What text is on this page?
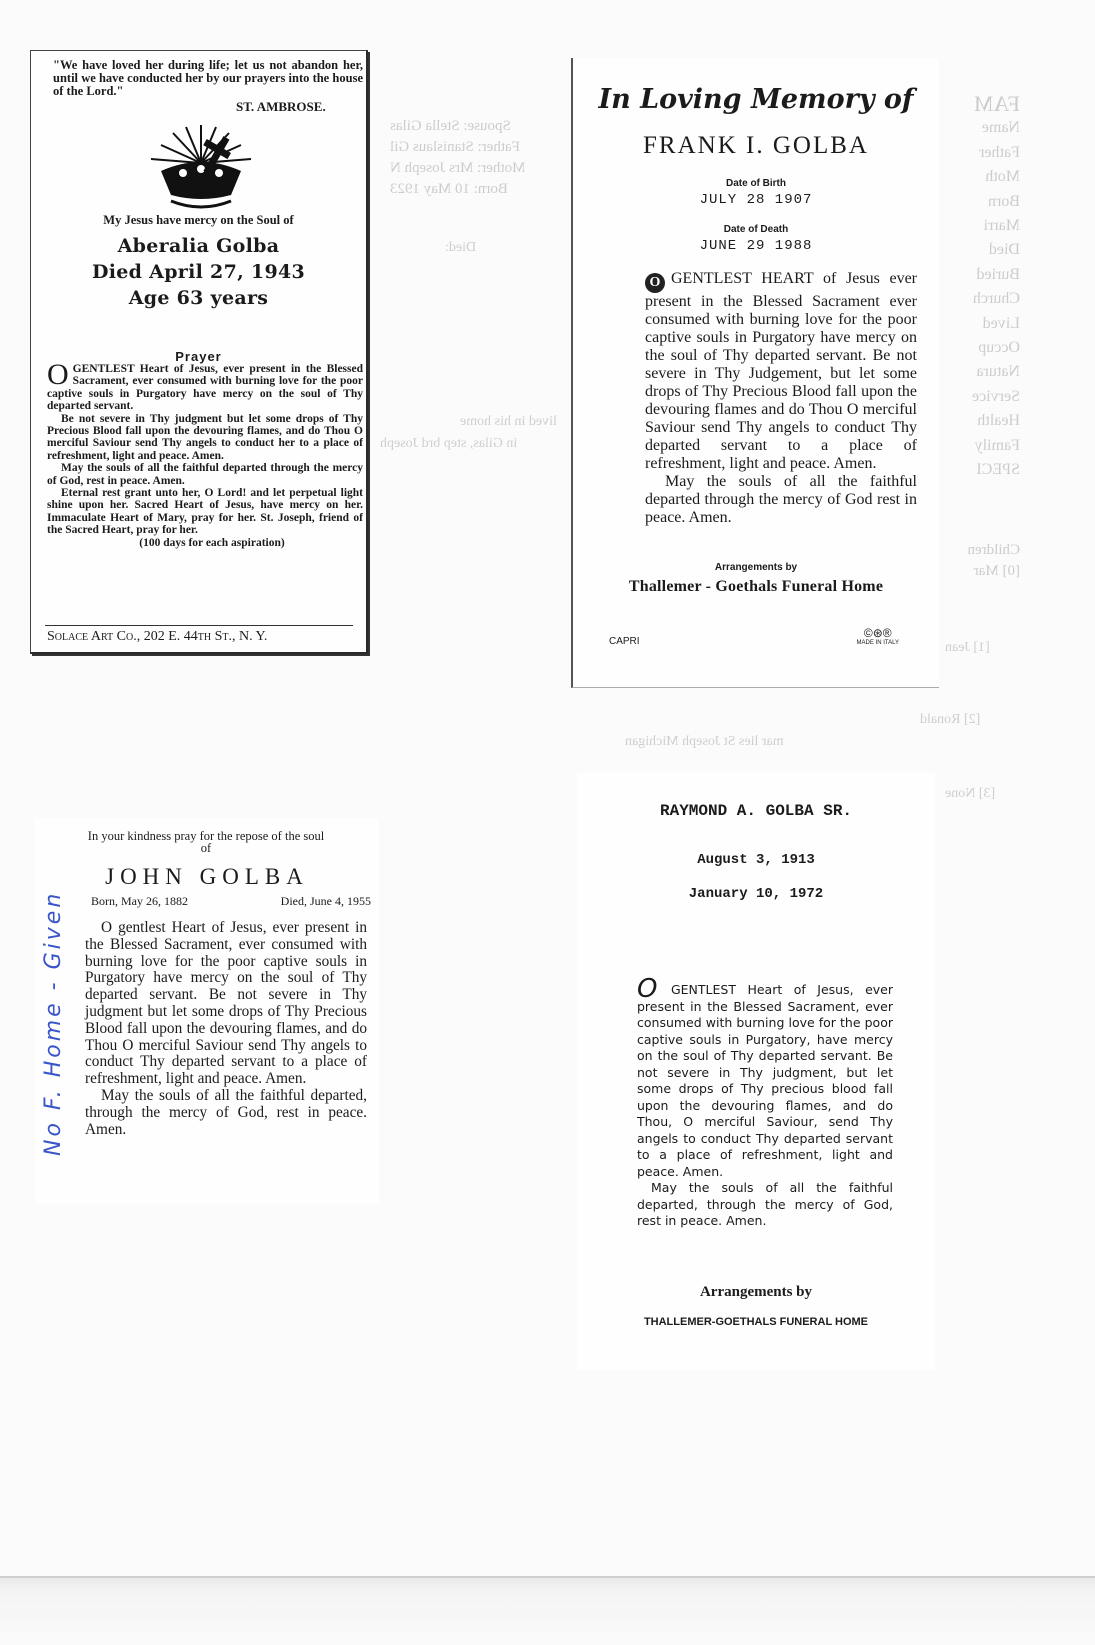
Spouse: Stella Gilas
Father: Stanislaus Gil
Mother: Mrs Joseph N
Born: 10 May 1923
Died:
lived in his home
in Gilas, step brd Joseph
FAM
Name
Father
Moth
Born
Marri
Died
Buried
Church
Lived
Occup
Natura
Service
Health
Family
SPECI
Children
[0] Mar
[1] Jean
[2] Ronald
mar lies St Joseph Michigan
[3] None
"We have loved her during life; let us not abandon her, until we have conducted her by our prayers into the house of the Lord."
ST. AMBROSE.
My Jesus have mercy on the Soul of
Aberalia Golba
Died April 27, 1943
Age 63 years
Prayer
O GENTLEST Heart of Jesus, ever present in the Blessed Sacrament, ever consumed with burning love for the poor captive souls in Purgatory have mercy on the soul of Thy departed servant.

Be not severe in Thy judgment but let some drops of Thy Precious Blood fall upon the devouring flames, and do Thou O merciful Saviour send Thy angels to conduct her to a place of refreshment, light and peace. Amen.

May the souls of all the faithful departed through the mercy of God, rest in peace. Amen.

Eternal rest grant unto her, O Lord! and let perpetual light shine upon her. Sacred Heart of Jesus, have mercy on her. Immaculate Heart of Mary, pray for her. St. Joseph, friend of the Sacred Heart, pray for her.

(100 days for each aspiration)

Solace Art Co., 202 E. 44th St., N. Y.
In Loving Memory of
FRANK I. GOLBA
Date of Birth
JULY 28 1907
Date of Death
JUNE 29 1988

O GENTLEST HEART of Jesus ever present in the Blessed Sacrament ever consumed with burning love for the poor captive souls in Purgatory have mercy on the soul of Thy departed servant. Be not severe in Thy Judgement, but let some drops of Thy Precious Blood fall upon the devouring flames and do Thou O merciful Saviour send Thy angels to conduct Thy departed servant to a place of refreshment, light and peace. Amen.

May the souls of all the faithful departed through the mercy of God rest in peace. Amen.

Arrangements by
Thallemer - Goethals Funeral Home
CAPRI
©⊛®
MADE IN ITALY
In your kindness pray for the repose of the soul of
JOHN GOLBA
Born, May 26, 1882	Died, June 4, 1955

O gentlest Heart of Jesus, ever present in the Blessed Sacrament, ever consumed with burning love for the poor captive souls in Purgatory have mercy on the soul of Thy departed servant. Be not severe in Thy judgment but let some drops of Thy Precious Blood fall upon the devouring flames, and do Thou O merciful Saviour send Thy angels to conduct Thy departed servant to a place of refreshment, light and peace. Amen.

May the souls of all the faithful departed, through the mercy of God, rest in peace. Amen.

No F. Home - Given
RAYMOND A. GOLBA SR.
August 3, 1913
January 10, 1972

O GENTLEST Heart of Jesus, ever present in the Blessed Sacrament, ever consumed with burning love for the poor captive souls in Purgatory, have mercy on the soul of Thy departed servant. Be not severe in Thy judgment, but let some drops of Thy precious blood fall upon the devouring flames, and do Thou, O merciful Saviour, send Thy angels to conduct Thy departed servant to a place of refreshment, light and peace. Amen.

May the souls of all the faithful departed, through the mercy of God, rest in peace. Amen.

Arrangements by
THALLEMER-GOETHALS FUNERAL HOME
